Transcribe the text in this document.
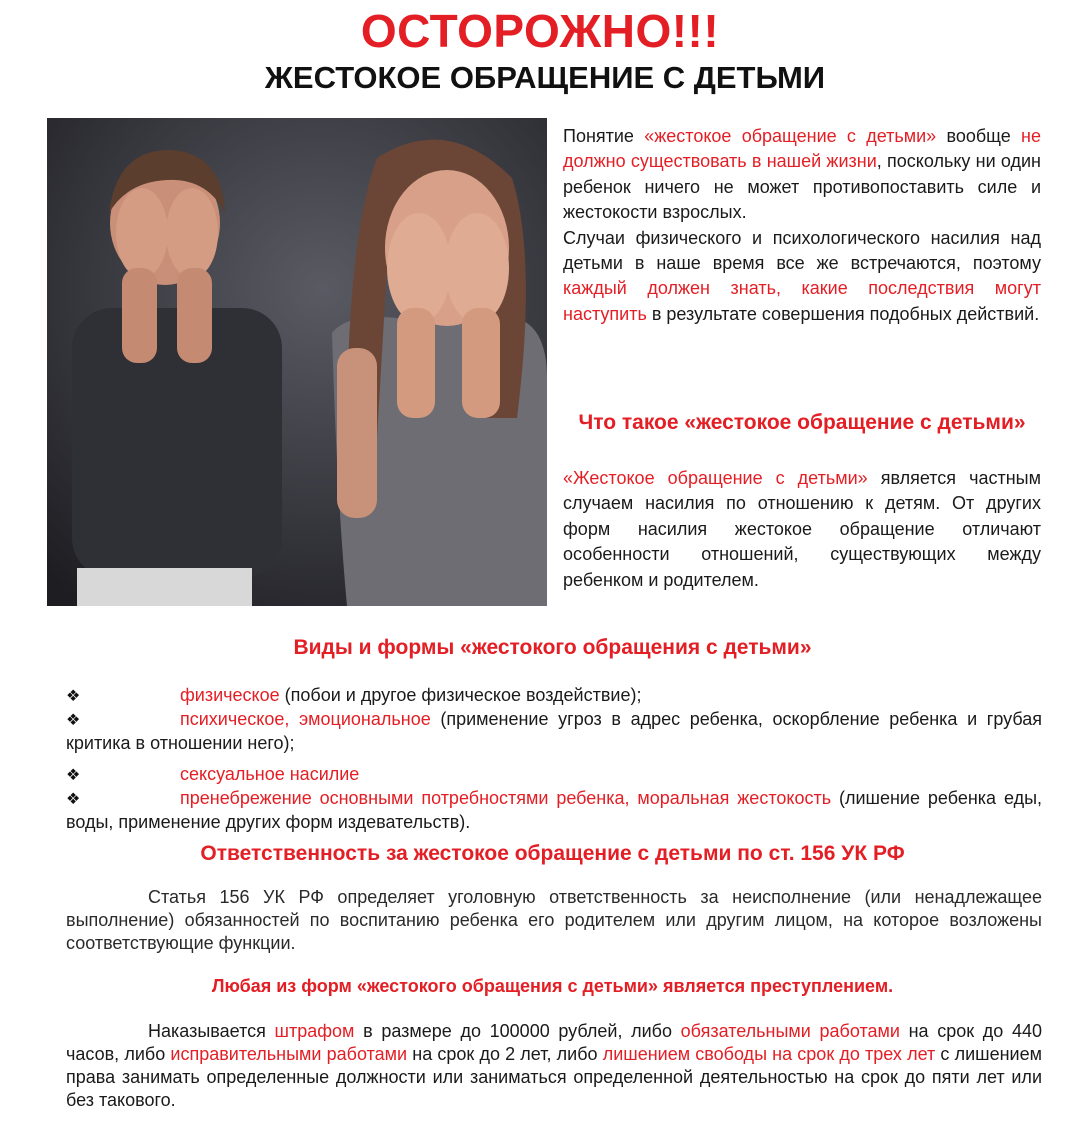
ОСТОРОЖНО!!!
ЖЕСТОКОЕ ОБРАЩЕНИЕ С ДЕТЬМИ

Понятие «жестокое обращение с детьми» вообще не должно существовать в нашей жизни, поскольку ни один ребенок ничего не может противопоставить силе и жестокости взрослых.

Случаи физического и психологического насилия над детьми в наше время все же встречаются, поэтому каждый должен знать, какие последствия могут наступить в результате совершения подобных действий.

Что такое «жестокое обращение с детьми»
«Жестокое обращение с детьми» является частным случаем насилия по отношению к детям. От других форм насилия жестокое обращение отличают особенности отношений, существующих между ребенком и родителем.
Виды и формы «жестокого обращения с детьми»

❖	физическое (побои и другое физическое воздействие);

❖	психическое, эмоциональное (применение угроз в адрес ребенка, оскорбление ребенка и грубая критика в отношении него);

❖	сексуальное насилие

❖	пренебрежение основными потребностями ребенка, моральная жестокость (лишение ребенка еды, воды, применение других форм издевательств).

Ответственность за жестокое обращение с детьми по ст. 156 УК РФ
Статья 156 УК РФ определяет уголовную ответственность за неисполнение (или ненадлежащее выполнение) обязанностей по воспитанию ребенка его родителем или другим лицом, на которое возложены соответствующие функции.
Любая из форм «жестокого обращения с детьми» является преступлением.
Наказывается штрафом в размере до 100000 рублей, либо обязательными работами на срок до 440 часов, либо исправительными работами на срок до 2 лет, либо лишением свободы на срок до трех лет с лишением права занимать определенные должности или заниматься определенной деятельностью на срок до пяти лет или без такового.
